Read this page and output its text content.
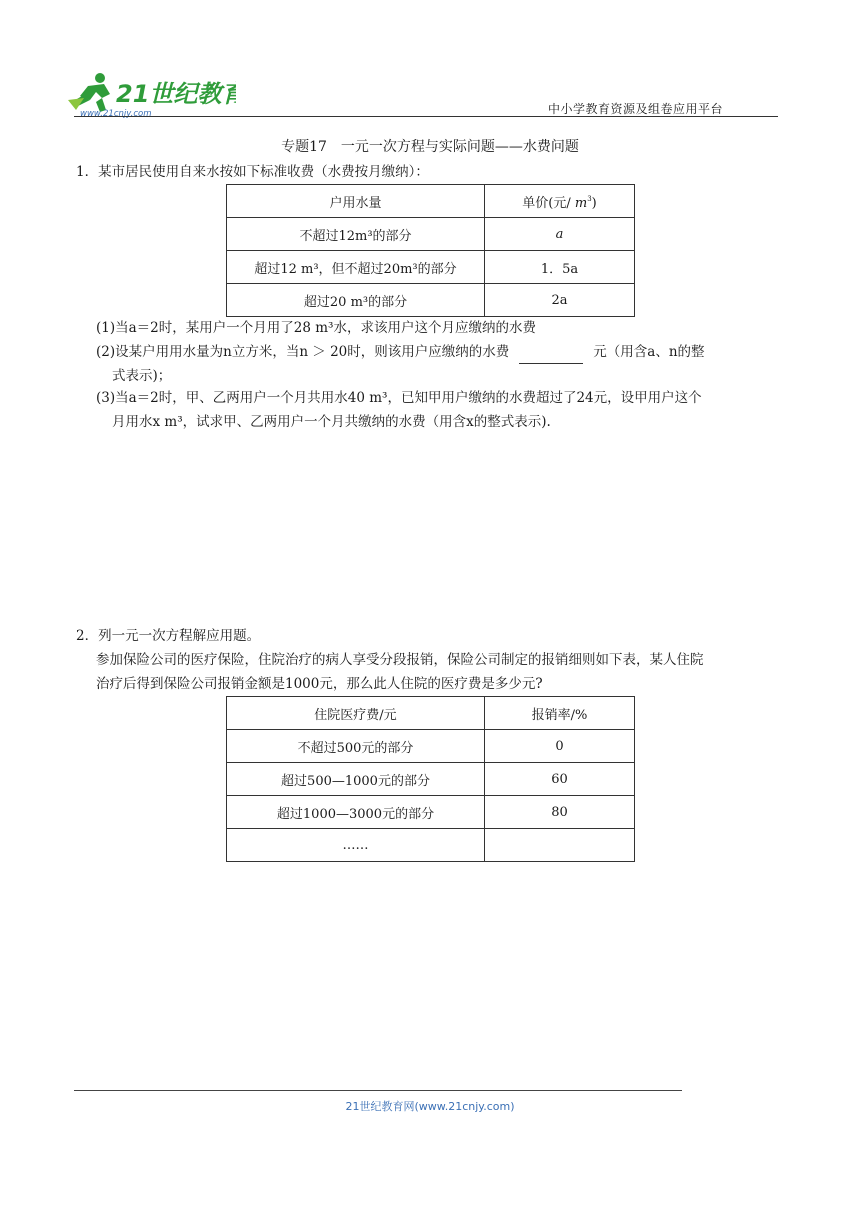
21世纪教育
www.21cnjy.com	中小学教育资源及组卷应用平台
专题17　一元一次方程与实际问题——水费问题
1．某市居民使用自来水按如下标准收费（水费按月缴纳）：
户用水量	单价(元/ $m^3$)
不超过12m³的部分	a
超过12 m³，但不超过20m³的部分	1．5a
超过20 m³的部分	2a
(1)当a＝2时，某用户一个月用了28 m³水，求该用户这个月应缴纳的水费
(2)设某户用用水量为n立方米，当n ＞ 20时，则该用户应缴纳的水费	元（用含a、n的整
式表示)；
(3)当a＝2时，甲、乙两用户一个月共用水40 m³，已知甲用户缴纳的水费超过了24元，设甲用户这个
月用水x m³，试求甲、乙两用户一个月共缴纳的水费（用含x的整式表示).
2．列一元一次方程解应用题。
参加保险公司的医疗保险，住院治疗的病人享受分段报销，保险公司制定的报销细则如下表，某人住院
治疗后得到保险公司报销金额是1000元，那么此人住院的医疗费是多少元?
住院医疗费/元	报销率/%
不超过500元的部分	0
超过500—1000元的部分	60
超过1000—3000元的部分	80
……	
21世纪教育网(www.21cnjy.com)
